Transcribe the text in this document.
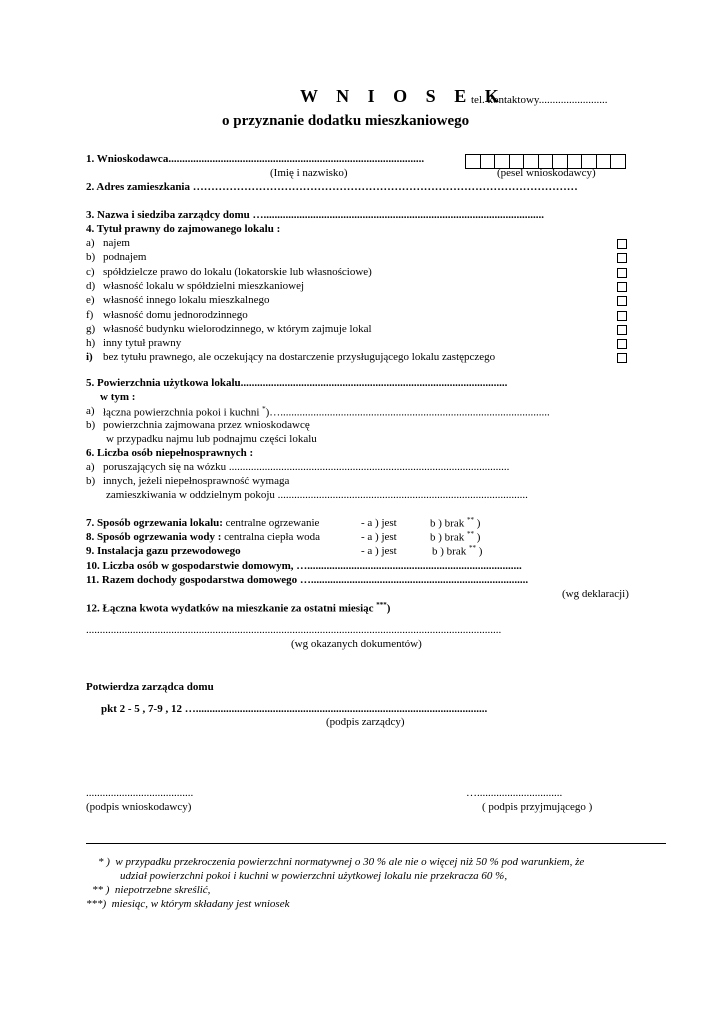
W N I O S E K
tel. kontaktowy.........................
o przyznanie dodatku mieszkaniowego
1. Wnioskodawca.............................................................................................
(Imię i nazwisko)	(pesel wnioskodawcy)
2. Adres zamieszkania ……………………………………………………………………………………………
3. Nazwa i siedziba zarządcy domu …......................................................................................................
4. Tytuł prawny do zajmowanego lokalu :
a) najem
b) podnajem
c) spółdzielcze prawo do lokalu (lokatorskie lub własnościowe)
d) własność lokalu w spółdzielni mieszkaniowej
e) własność innego lokalu mieszkalnego
f) własność domu jednorodzinnego
g) własność budynku wielorodzinnego, w którym zajmuje lokal
h) inny tytuł prawny
i) bez tytułu prawnego, ale oczekujący na dostarczenie przysługującego lokalu zastępczego
5. Powierzchnia użytkowa lokalu.................................................................................................
w tym :
a) łączna powierzchnia pokoi i kuchni *)…..................................................................................................
b) powierzchnia zajmowana przez wnioskodawcę
w przypadku najmu lub podnajmu części lokalu
6. Liczba osób niepełnosprawnych :
a) poruszających się na wózku ......................................................................................................
b) innych, jeżeli niepełnosprawność wymaga
zamieszkiwania w oddzielnym pokoju ...........................................................................................
7. Sposób ogrzewania lokalu: centralne ogrzewanie	- a ) jest	b ) brak ** )
8. Sposób ogrzewania wody : centralna ciepła woda	- a ) jest	b ) brak ** )
9. Instalacja gazu przewodowego	- a ) jest	b ) brak ** )
10. Liczba osób w gospodarstwie domowym, …..............................................................................
11. Razem dochody gospodarstwa domowego …...............................................................................
(wg deklaracji)
12. Łączna kwota wydatków na mieszkanie za ostatni miesiąc ***)
.......................................................................................................................................................
(wg okazanych dokumentów)
Potwierdza zarządca domu
pkt 2 - 5 , 7-9 , 12 …..........................................................................................................
(podpis zarządcy)
.......................................
(podpis wnioskodawcy)
…...............................
( podpis przyjmującego )
* ) w przypadku przekroczenia powierzchni normatywnej o 30 % ale nie o więcej niż 50 % pod warunkiem, że
udział powierzchni pokoi i kuchni w powierzchni użytkowej lokalu nie przekracza 60 %,
** ) niepotrzebne skreślić,
***) miesiąc, w którym składany jest wniosek
